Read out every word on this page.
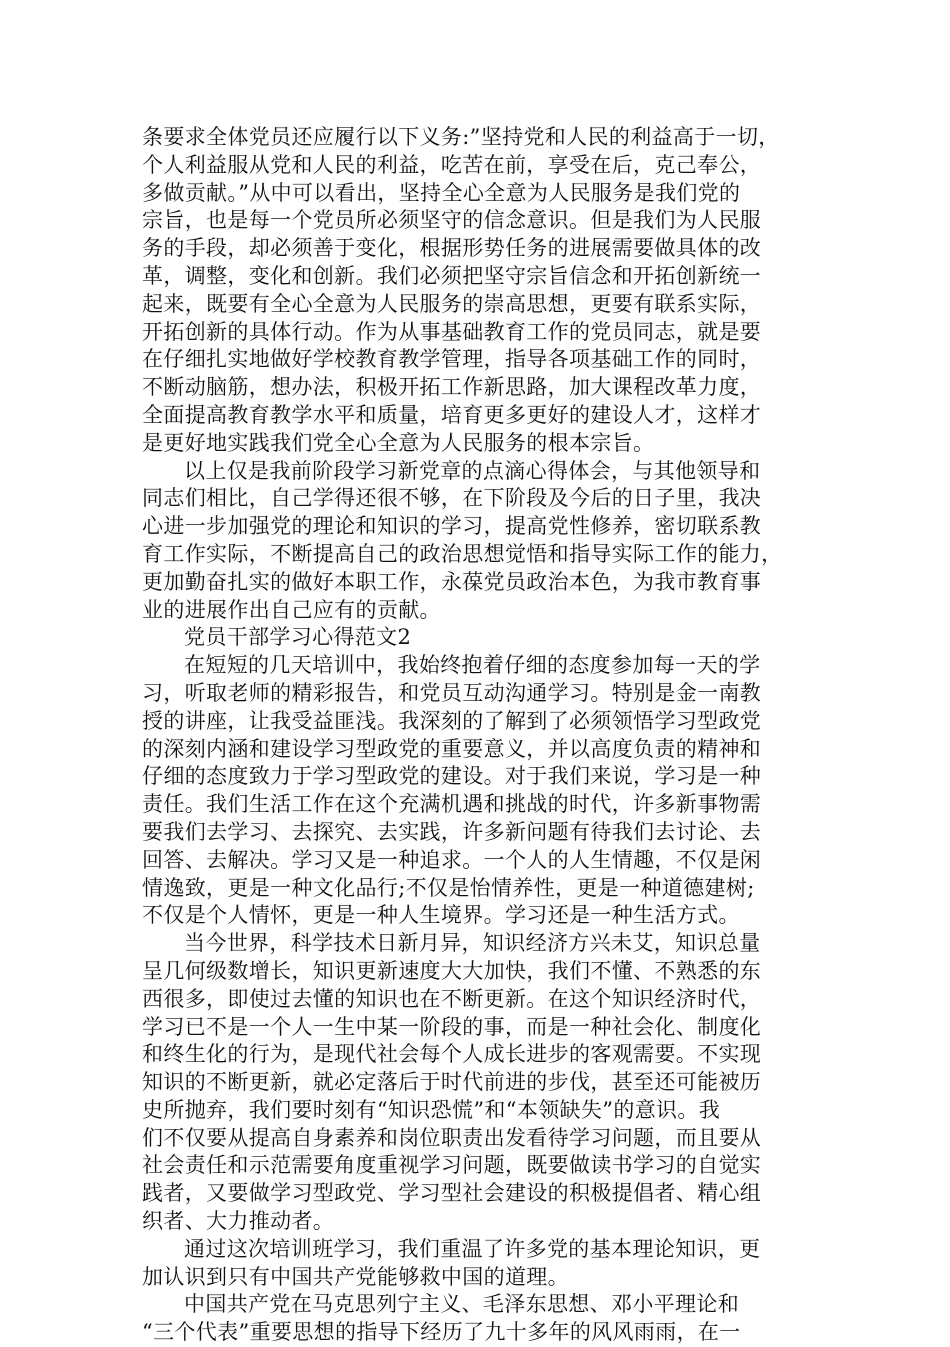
条要求全体党员还应履行以下义务:”坚持党和人民的利益高于一切，
个人利益服从党和人民的利益，吃苦在前，享受在后，克己奉公，
多做贡献。”从中可以看出，坚持全心全意为人民服务是我们党的
宗旨，也是每一个党员所必须坚守的信念意识。但是我们为人民服
务的手段，却必须善于变化，根据形势任务的进展需要做具体的改
革，调整，变化和创新。我们必须把坚守宗旨信念和开拓创新统一
起来，既要有全心全意为人民服务的崇高思想，更要有联系实际，
开拓创新的具体行动。作为从事基础教育工作的党员同志，就是要
在仔细扎实地做好学校教育教学管理，指导各项基础工作的同时，
不断动脑筋，想办法，积极开拓工作新思路，加大课程改革力度，
全面提高教育教学水平和质量，培育更多更好的建设人才，这样才
是更好地实践我们党全心全意为人民服务的根本宗旨。
以上仅是我前阶段学习新党章的点滴心得体会，与其他领导和
同志们相比，自己学得还很不够，在下阶段及今后的日子里，我决
心进一步加强党的理论和知识的学习，提高党性修养，密切联系教
育工作实际，不断提高自己的政治思想觉悟和指导实际工作的能力，
更加勤奋扎实的做好本职工作，永葆党员政治本色，为我市教育事
业的进展作出自己应有的贡献。
党员干部学习心得范文2
在短短的几天培训中，我始终抱着仔细的态度参加每一天的学
习，听取老师的精彩报告，和党员互动沟通学习。特别是金一南教
授的讲座，让我受益匪浅。我深刻的了解到了必须领悟学习型政党
的深刻内涵和建设学习型政党的重要意义，并以高度负责的精神和
仔细的态度致力于学习型政党的建设。对于我们来说，学习是一种
责任。我们生活工作在这个充满机遇和挑战的时代，许多新事物需
要我们去学习、去探究、去实践，许多新问题有待我们去讨论、去
回答、去解决。学习又是一种追求。一个人的人生情趣，不仅是闲
情逸致，更是一种文化品行;不仅是怡情养性，更是一种道德建树;
不仅是个人情怀，更是一种人生境界。学习还是一种生活方式。
当今世界，科学技术日新月异，知识经济方兴未艾，知识总量
呈几何级数增长，知识更新速度大大加快，我们不懂、不熟悉的东
西很多，即使过去懂的知识也在不断更新。在这个知识经济时代，
学习已不是一个人一生中某一阶段的事，而是一种社会化、制度化
和终生化的行为，是现代社会每个人成长进步的客观需要。不实现
知识的不断更新，就必定落后于时代前进的步伐，甚至还可能被历
史所抛弃，我们要时刻有“知识恐慌”和“本领缺失”的意识。我
们不仅要从提高自身素养和岗位职责出发看待学习问题，而且要从
社会责任和示范需要角度重视学习问题，既要做读书学习的自觉实
践者，又要做学习型政党、学习型社会建设的积极提倡者、精心组
织者、大力推动者。
通过这次培训班学习，我们重温了许多党的基本理论知识，更
加认识到只有中国共产党能够救中国的道理。
中国共产党在马克思列宁主义、毛泽东思想、邓小平理论和
“三个代表”重要思想的指导下经历了九十多年的风风雨雨，在一
